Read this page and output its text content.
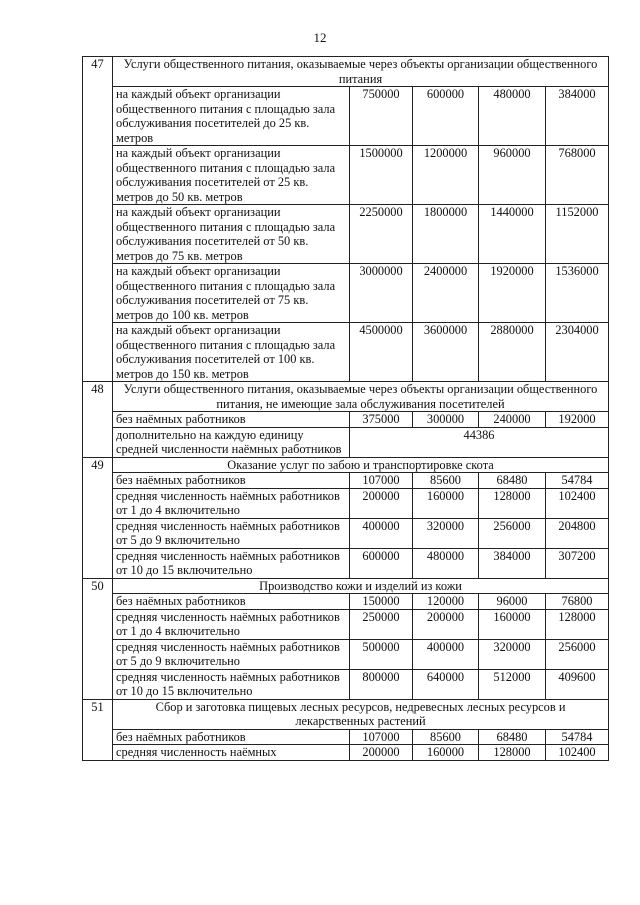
12
47	Услуги общественного питания, оказываемые через объекты организации общественного питания				
	на каждый объект организации общественного питания с площадью зала обслуживания посетителей до 25 кв. метров	750000	600000	480000	384000
	на каждый объект организации общественного питания с площадью зала обслуживания посетителей от 25 кв. метров до 50 кв. метров	1500000	1200000	960000	768000
	на каждый объект организации общественного питания с площадью зала обслуживания посетителей от 50 кв. метров до 75 кв. метров	2250000	1800000	1440000	1152000
	на каждый объект организации общественного питания с площадью зала обслуживания посетителей от 75 кв. метров до 100 кв. метров	3000000	2400000	1920000	1536000
	на каждый объект организации общественного питания с площадью зала обслуживания посетителей от 100 кв. метров до 150 кв. метров	4500000	3600000	2880000	2304000
48	Услуги общественного питания, оказываемые через объекты организации общественного питания, не имеющие зала обслуживания посетителей				
	без наёмных работников	375000	300000	240000	192000
	дополнительно на каждую единицу средней численности наёмных работников	44386			
49	Оказание услуг по забою и транспортировке скота				
	без наёмных работников	107000	85600	68480	54784
	средняя численность наёмных работников от 1 до 4 включительно	200000	160000	128000	102400
	средняя численность наёмных работников от 5 до 9 включительно	400000	320000	256000	204800
	средняя численность наёмных работников от 10 до 15 включительно	600000	480000	384000	307200
50	Производство кожи и изделий из кожи				
	без наёмных работников	150000	120000	96000	76800
	средняя численность наёмных работников от 1 до 4 включительно	250000	200000	160000	128000
	средняя численность наёмных работников от 5 до 9 включительно	500000	400000	320000	256000
	средняя численность наёмных работников от 10 до 15 включительно	800000	640000	512000	409600
51	Сбор и заготовка пищевых лесных ресурсов, недревесных лесных ресурсов и лекарственных растений				
	без наёмных работников	107000	85600	68480	54784
	средняя численность наёмных	200000	160000	128000	102400
